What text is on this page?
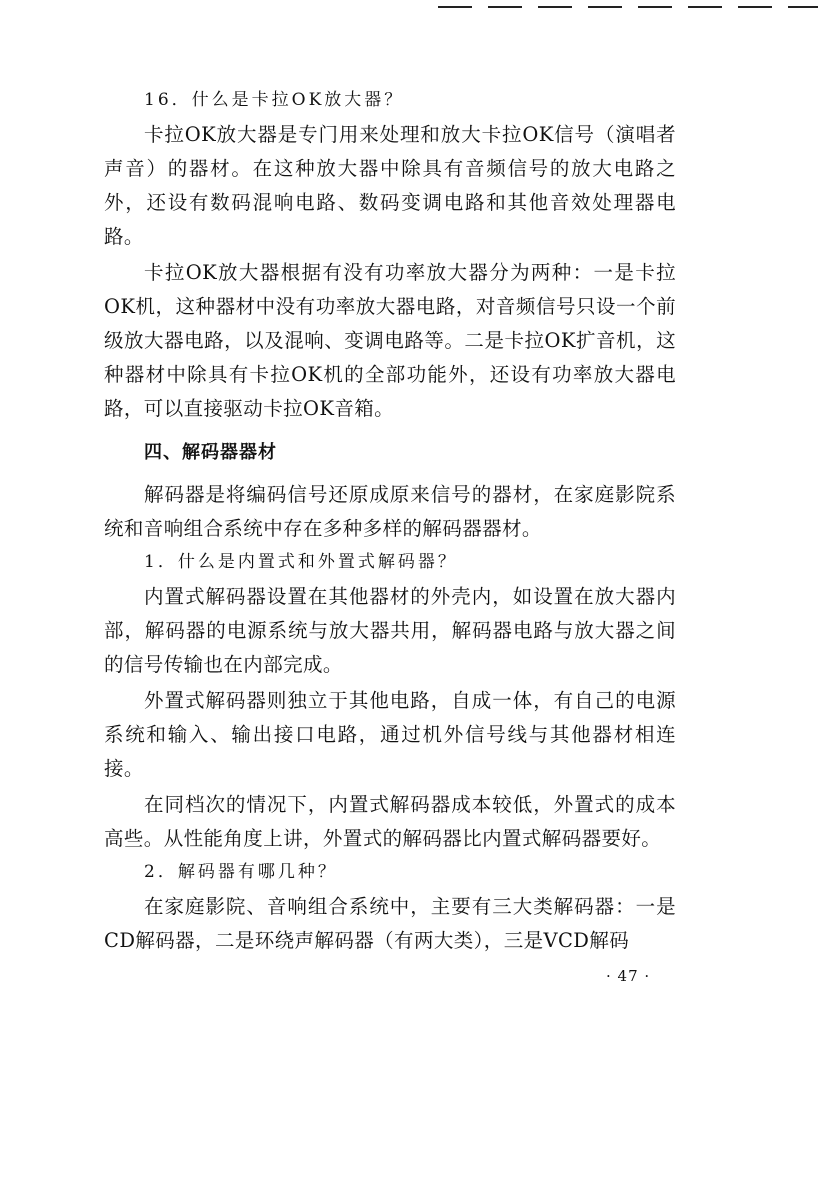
16．什么是卡拉OK放大器？

卡拉OK放大器是专门用来处理和放大卡拉OK信号（演唱者声音）的器材。在这种放大器中除具有音频信号的放大电路之外，还设有数码混响电路、数码变调电路和其他音效处理器电路。

卡拉OK放大器根据有没有功率放大器分为两种：一是卡拉OK机，这种器材中没有功率放大器电路，对音频信号只设一个前级放大器电路，以及混响、变调电路等。二是卡拉OK扩音机，这种器材中除具有卡拉OK机的全部功能外，还设有功率放大器电路，可以直接驱动卡拉OK音箱。

四、解码器器材

解码器是将编码信号还原成原来信号的器材，在家庭影院系统和音响组合系统中存在多种多样的解码器器材。

1．什么是内置式和外置式解码器？

内置式解码器设置在其他器材的外壳内，如设置在放大器内部，解码器的电源系统与放大器共用，解码器电路与放大器之间的信号传输也在内部完成。

外置式解码器则独立于其他电路，自成一体，有自己的电源系统和输入、输出接口电路，通过机外信号线与其他器材相连接。

在同档次的情况下，内置式解码器成本较低，外置式的成本高些。从性能角度上讲，外置式的解码器比内置式解码器要好。

2．解码器有哪几种？

在家庭影院、音响组合系统中，主要有三大类解码器：一是CD解码器，二是环绕声解码器（有两大类），三是VCD解码

· 47 ·
